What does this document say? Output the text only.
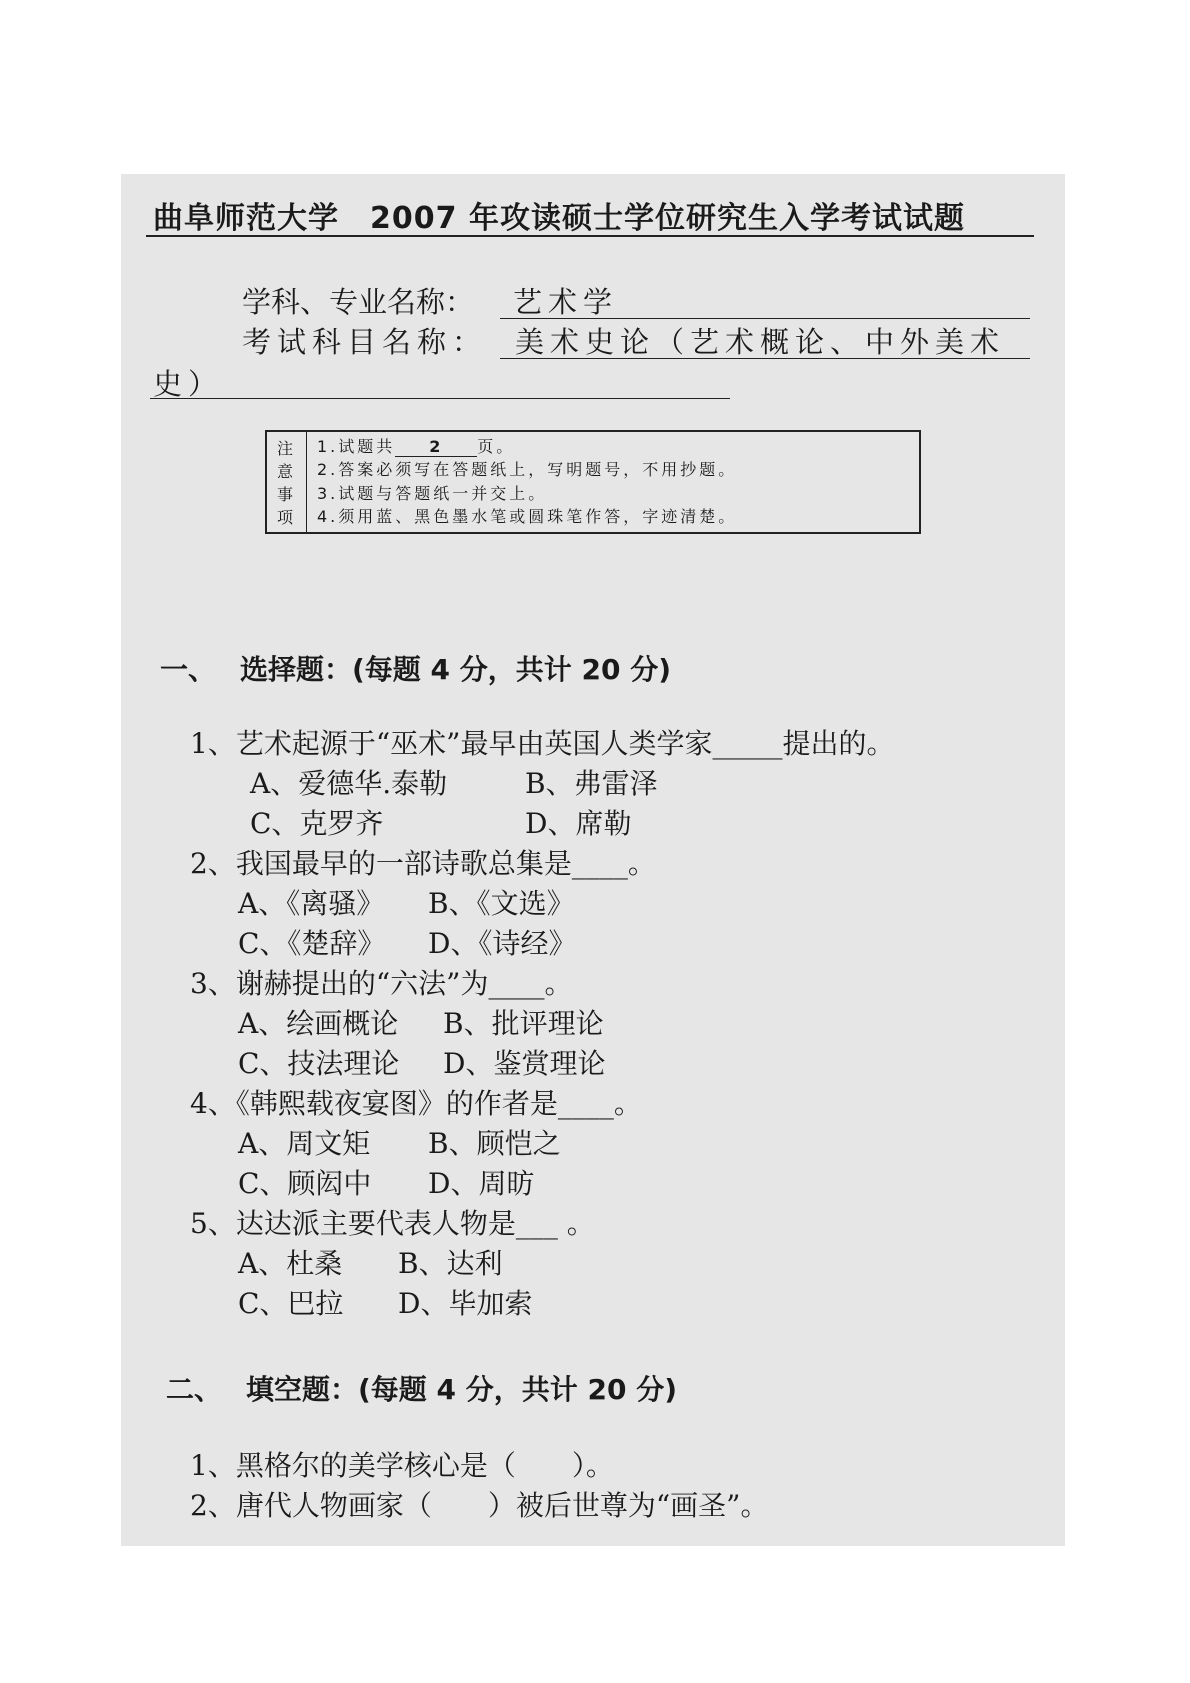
曲阜师范大学　2007 年攻读硕士学位研究生入学考试试题
学科、专业名称： 艺术学
考试科目名称： 美术史论（艺术概论、中外美术
史）
注
意
事
项
1.试题共 2 页。
2.答案必须写在答题纸上，写明题号，不用抄题。
3.试题与答题纸一并交上。
4.须用蓝、黑色墨水笔或圆珠笔作答，字迹清楚。
一、 选择题：(每题 4 分，共计 20 分)
1、艺术起源于“巫术”最早由英国人类学家_____提出的。
A、爱德华.泰勒	B、弗雷泽
C、克罗齐	D、席勒
2、我国最早的一部诗歌总集是____。
A、《离骚》 B、《文选》
C、《楚辞》 D、《诗经》
3、谢赫提出的“六法”为____。
A、绘画概论 B、批评理论
C、技法理论 D、鉴赏理论
4、《韩熙载夜宴图》的作者是____。
A、周文矩 B、顾恺之
C、顾闳中 D、周昉
5、达达派主要代表人物是___ 。
A、杜桑 B、达利
C、巴拉 D、毕加索
二、 填空题：(每题 4 分，共计 20 分)
1、黑格尔的美学核心是（　　）。
2、唐代人物画家（　　）被后世尊为“画圣”。
